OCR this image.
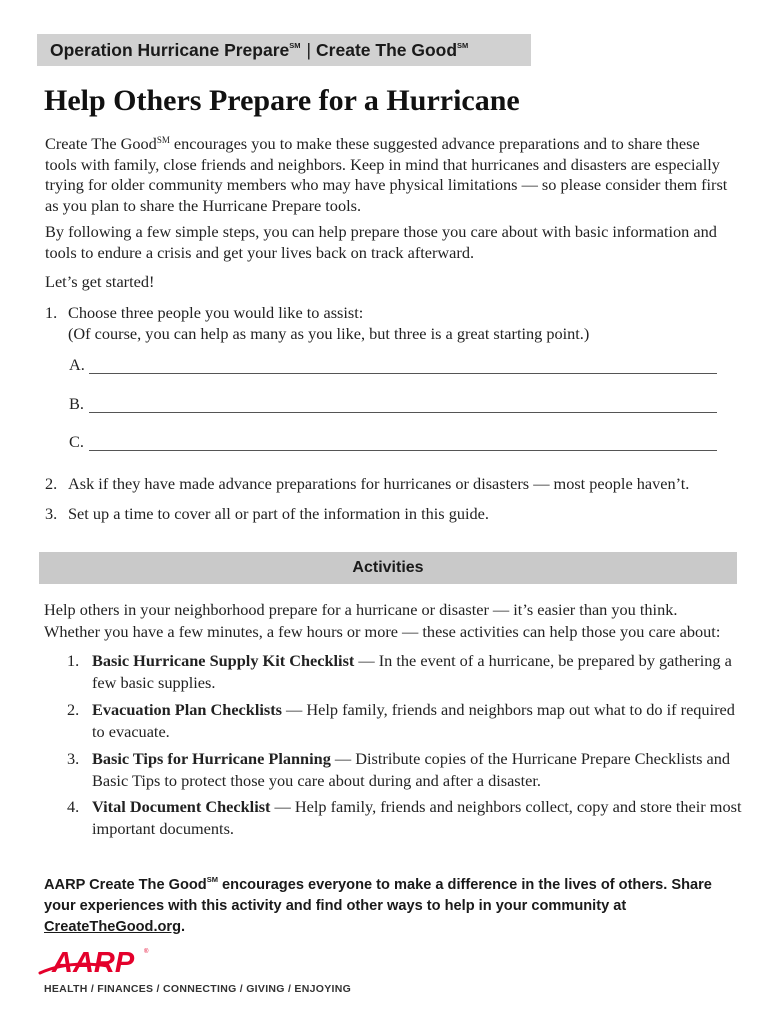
Operation Hurricane Prepare℠ | Create The Good℠
Help Others Prepare for a Hurricane

Create The Good℠ encourages you to make these suggested advance preparations and to share these tools with family, close friends and neighbors. Keep in mind that hurricanes and disasters are especially trying for older community members who may have physical limitations — so please consider them first as you plan to share the Hurricane Prepare tools.

By following a few simple steps, you can help prepare those you care about with basic information and tools to endure a crisis and get your lives back on track afterward.

Let’s get started!

1. Choose three people you would like to assist:
(Of course, you can help as many as you like, but three is a great starting point.)
A.
B.
C.
2. Ask if they have made advance preparations for hurricanes or disasters — most people haven’t.
3. Set up a time to cover all or part of the information in this guide.
Activities
Help others in your neighborhood prepare for a hurricane or disaster — it’s easier than you think.
Whether you have a few minutes, a few hours or more — these activities can help those you care about:
1. Basic Hurricane Supply Kit Checklist — In the event of a hurricane, be prepared by gathering a few basic supplies.
2. Evacuation Plan Checklists — Help family, friends and neighbors map out what to do if required to evacuate.
3. Basic Tips for Hurricane Planning — Distribute copies of the Hurricane Prepare Checklists and Basic Tips to protect those you care about during and after a disaster.
4. Vital Document Checklist — Help family, friends and neighbors collect, copy and store their most important documents.
AARP Create The Good℠ encourages everyone to make a difference in the lives of others. Share your experiences with this activity and find other ways to help in your community at CreateTheGood.org.
AARP ®
HEALTH / FINANCES / CONNECTING / GIVING / ENJOYING
